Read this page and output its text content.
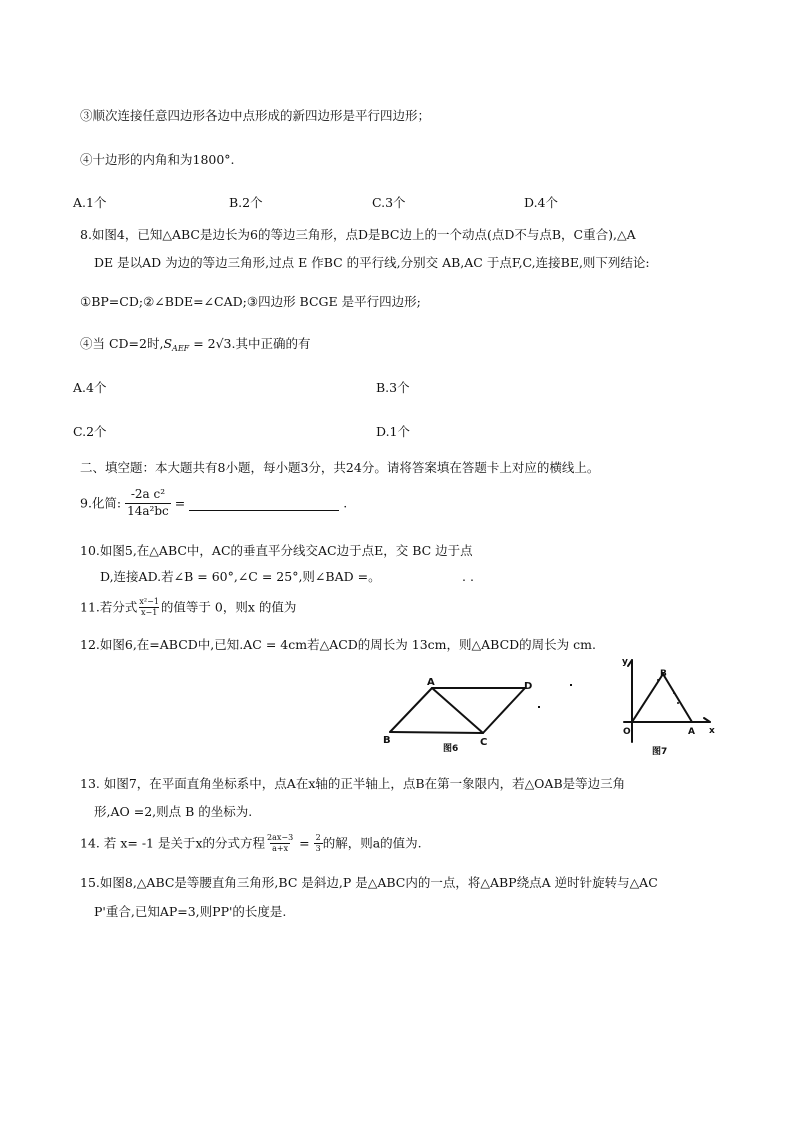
③顺次连接任意四边形各边中点形成的新四边形是平行四边形；
④十边形的内角和为1800°.
A.1个	B.2个	C.3个	D.4个
8.如图4，已知△ABC是边长为6的等边三角形，点D是BC边上的一个动点(点D不与点B，C重合),△A
DE 是以AD 为边的等边三角形,过点 E 作BC 的平行线,分别交 AB,AC 于点F,C,连接BE,则下列结论:
①BP=CD;②∠BDE=∠CAD;③四边形 BCGE 是平行四边形;
④当 CD=2时$,S_{AEF} = 2√3$.其中正确的有
A.4个	B.3个
C.2个	D.1个
二、填空题：本大题共有8小题，每小题3分，共24分。请将答案填在答题卡上对应的横线上。
9.化简: $\frac{\text{-2a c²}}{\text{14a²bc}}$ =	.
10.如图5,在△ABC中，AC的垂直平分线交AC边于点E，交 BC 边于点
D,连接AD.若∠B = 60°,∠C = 25°,则∠BAD =。	. .
11.若分式 $\frac{\text{x²−1}}{x-1}$ 的值等于 0，则x 的值为
12.如图6,在=ABCD中,已知.AC = 4cm若△ACD的周长为 13cm，则△ABCD的周长为 cm.
A	D
B	C
图6
y
B
O	A x
图7
13. 如图7，在平面直角坐标系中，点A在x轴的正半轴上，点B在第一象限内，若△OAB是等边三角
形,AO =2,则点 B 的坐标为.
14. 若 x= -1 是关于x的分式方程 $\frac{2ax-3}{a+x} = \frac{2}{3}$ 的解，则a的值为.
15.如图8,△ABC是等腰直角三角形,BC 是斜边,P 是△ABC内的一点，将△ABP绕点A 逆时针旋转与△AC
P'重合,已知AP=3,则PP'的长度是.
